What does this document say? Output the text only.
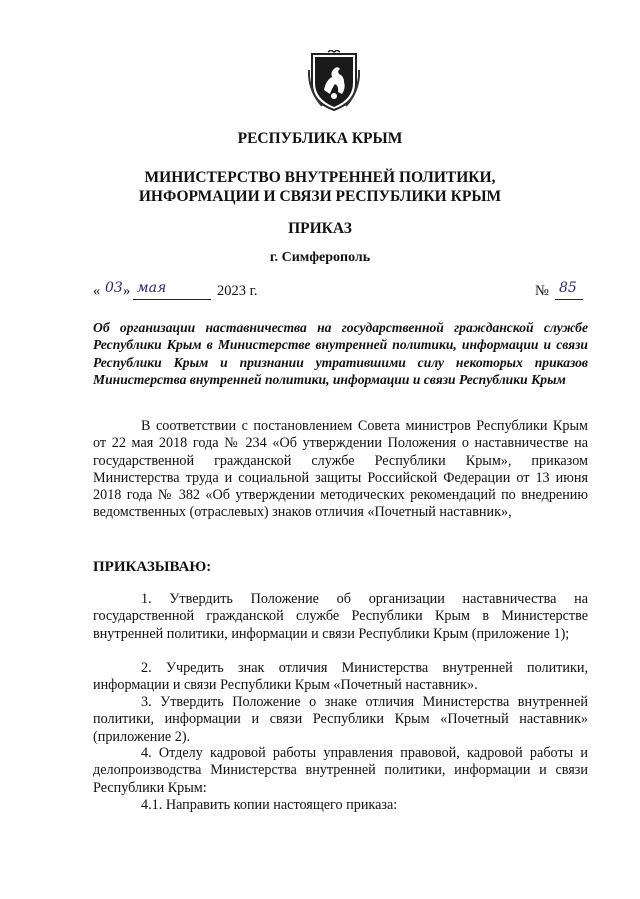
РЕСПУБЛИКА КРЫМ
МИНИСТЕРСТВО ВНУТРЕННЕЙ ПОЛИТИКИ,
ИНФОРМАЦИИ И СВЯЗИ РЕСПУБЛИКИ КРЫМ
ПРИКАЗ
г. Симферополь
« 03 » мая	2023 г.	№ 85
Об организации наставничества на государственной гражданской службе Республики Крым в Министерстве внутренней политики, информации и связи Республики Крым и признании утратившими силу некоторых приказов Министерства внутренней политики, информации и связи Республики Крым
В соответствии с постановлением Совета министров Республики Крым от 22 мая 2018 года № 234 «Об утверждении Положения о наставничестве на государственной гражданской службе Республики Крым», приказом Министерства труда и социальной защиты Российской Федерации от 13 июня 2018 года № 382 «Об утверждении методических рекомендаций по внедрению ведомственных (отраслевых) знаков отличия «Почетный наставник»,
ПРИКАЗЫВАЮ:
1. Утвердить Положение об организации наставничества на государственной гражданской службе Республики Крым в Министерстве внутренней политики, информации и связи Республики Крым (приложение 1);
2. Учредить знак отличия Министерства внутренней политики, информации и связи Республики Крым «Почетный наставник».
3. Утвердить Положение о знаке отличия Министерства внутренней политики, информации и связи Республики Крым «Почетный наставник» (приложение 2).
4. Отделу кадровой работы управления правовой, кадровой работы и делопроизводства Министерства внутренней политики, информации и связи Республики Крым:
4.1. Направить копии настоящего приказа:
